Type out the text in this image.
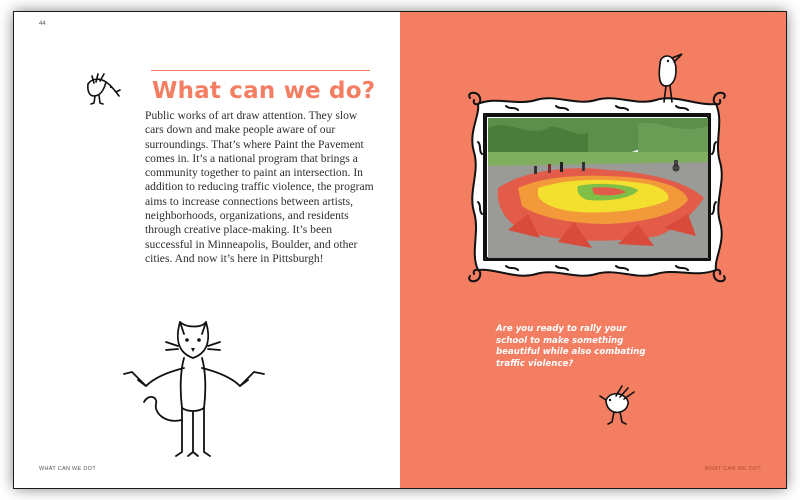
44
What can we do?

Public works of art draw attention. They slow cars down and make people aware of our surroundings. That’s where Paint the Pavement comes in. It’s a national program that brings a community together to paint an intersection. In addition to reducing traffic violence, the program aims to increase connections between artists, neighborhoods, organizations, and residents through creative place-making. It’s been successful in Minneapolis, Boulder, and other cities. And now it’s here in Pittsburgh!

WHAT CAN WE DO?

Are you ready to rally your school to make something beautiful while also combating traffic violence?

WHAT CAN WE DO?
